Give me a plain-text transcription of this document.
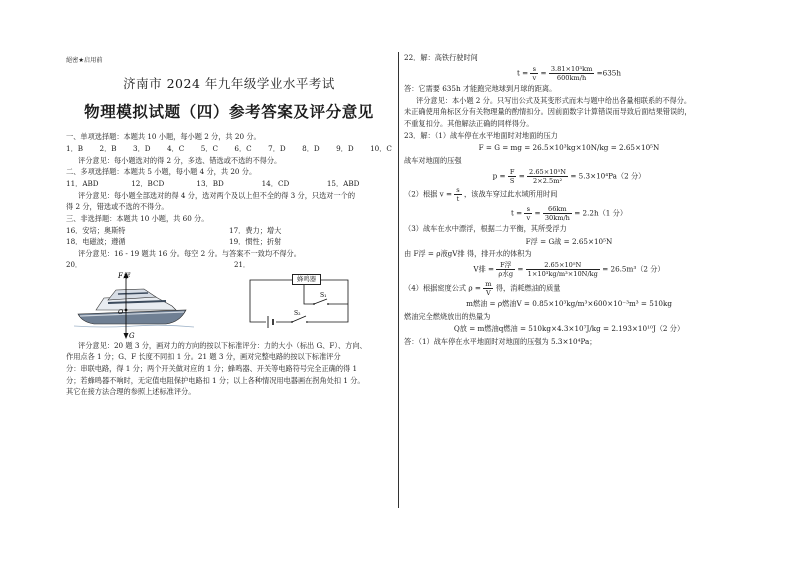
絕密★启用前
济南市 2024 年九年级学业水平考试
物理模拟试题（四）参考答案及评分意见

一、单项选择题：本题共 10 小题，每小题 2 分，共 20 分。

1．B 2．B 3．D 4．C 5．C 6．C 7．D 8．D 9．D 10．C

评分意见：每小题选对的得 2 分，多选、错选或不选的不得分。

二、多项选择题：本题共 5 小题，每小题 4 分，共 20 分。

11．ABD	12．BCD	13．BD	14．CD	15．ABD

评分意见：每小题全部选对的得 4 分，选对两个及以上但不全的得 3 分，只选对一个的

得 2 分，错选或不选的不得分。

三、非选择题：本题共 10 小题，共 60 分。

16．安培；奥斯特	17．费力；增大
18．电磁波；遵循	19．惯性；折射

评分意见：16 - 19 题共 16 分。每空 2 分。与答案不一致均不得分。

20．
F浮
G
O
21．
S₁
S₂
蜂鸣器

评分意见：20 题 3 分，画对力的方向的按以下标准评分：力的大小（标出 G、F）、方向、

作用点各 1 分；G、F 长度不同扣 1 分。21 题 3 分，画对完整电路的按以下标准评分

分：串联电路，得 1 分；两个开关做对应的 1 分；蜂鸣器、开关等电路符号完全正确的得 1

分；若蜂鸣器不响时，无定值电阻保护电路扣 1 分；以上各种情况用电器画在拐角处扣 1 分。

其它在接方法合理的参照上述标准评分。

22．解：高铁行驶时间

$t = \frac{s}{v} = \frac{\text{3.81×10³km}}{600km/h} =635h$

答：它需要 635h 才能跑完地球到月球的距离。

评分意见：本小题 2 分。只写出公式及其变形式而未与题中给出各量相联系的不得分。

未正确使用角标区分有关物理量的酌情扣分。因前面数字计算错误而导致后面结果错误的，

不重复扣分。其他解法正确的同样得分。

23．解：（1）战车停在水平地面时对地面的压力

F = G = mg = 26.5×10³kg×10N/kg = 2.65×10⁵N

战车对地面的压强

$p = \frac{F}{S} = \frac{\text{2.65×10⁵N}}{\text{2×2.5m²}} = 5.3\times 10^4Pa(2$ 分）

（2）根据 $v = \frac{s}{t}$ ，该战车穿过此水域所用时间

$t = \frac{s}{v} = \frac{66km}{30km/h} = 2.2h(1$ 分）

（3）战车在水中漂浮，根据二力平衡，其所受浮力

F浮 = G战 = 2.65×10⁵N

由 F浮 = ρ液gV排 得，排开水的体积为

V排 = $\frac{\text{F浮}}{\text{ρ水g}} = \frac{\text{2.65×10⁵N}}{\text{1×10³kg/m³×10N/kg}} = 26.5m^3(2$ 分）

（4）根据密度公式 $\rho = \frac{m}{V}$ 得，消耗燃油的质量

m燃油 = ρ燃油V = 0.85×10³kg/m³×600×10⁻³m³ = 510kg

燃油完全燃烧放出的热量为

Q放 = m燃油q燃油 = 510kg×4.3×10⁷J/kg = 2.193×10¹⁰J（2 分）

答：（1）战车停在水平地面时对地面的压强为 5.3×10⁴Pa；
